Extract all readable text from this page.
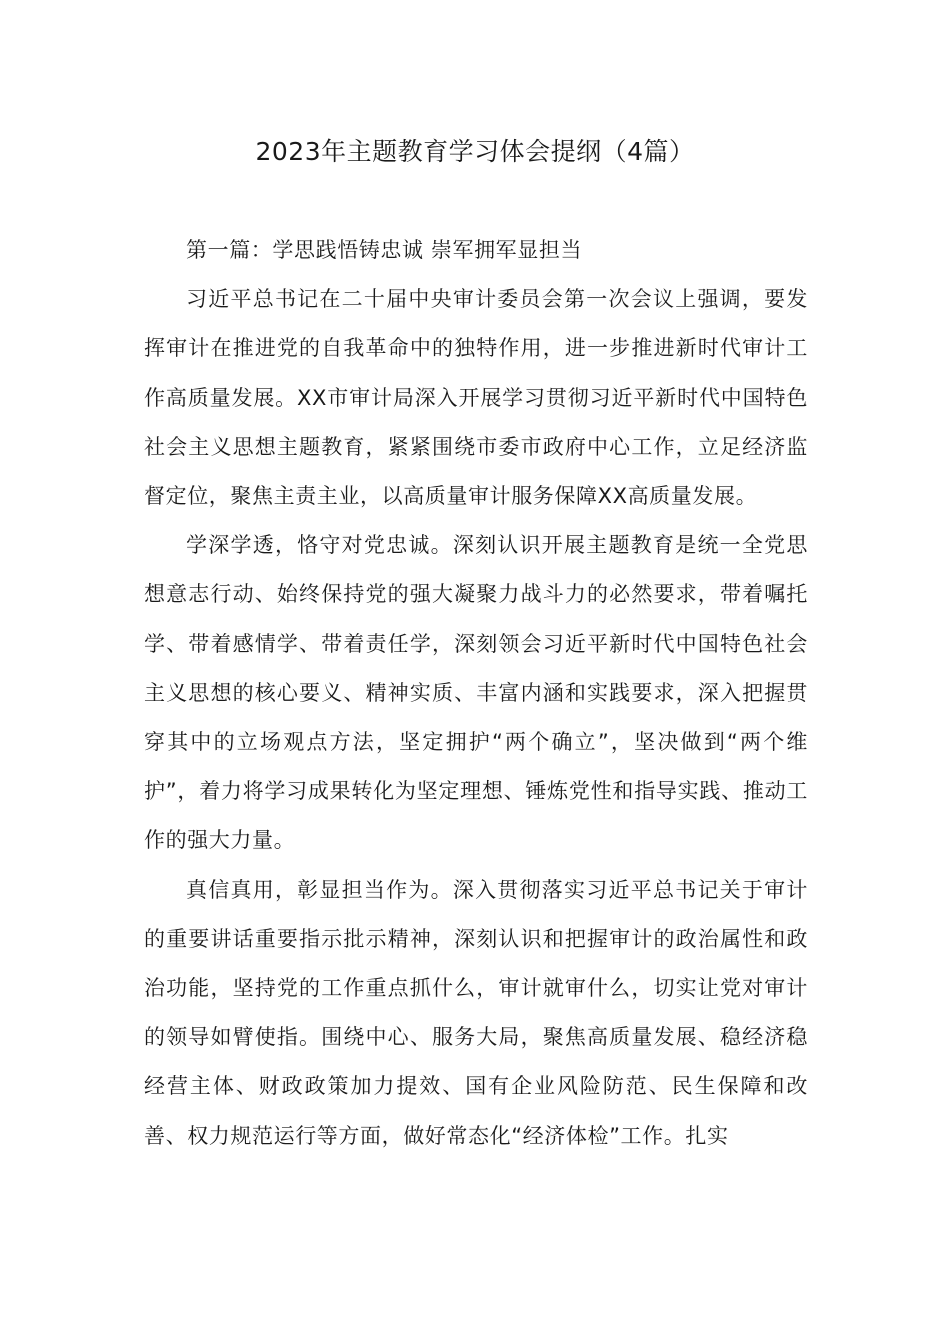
2023年主题教育学习体会提纲（4篇）

第一篇：学思践悟铸忠诚 崇军拥军显担当

习近平总书记在二十届中央审计委员会第一次会议上强调，要发挥审计在推进党的自我革命中的独特作用，进一步推进新时代审计工作高质量发展。XX市审计局深入开展学习贯彻习近平新时代中国特色社会主义思想主题教育，紧紧围绕市委市政府中心工作，立足经济监督定位，聚焦主责主业，以高质量审计服务保障XX高质量发展。

学深学透，恪守对党忠诚。深刻认识开展主题教育是统一全党思想意志行动、始终保持党的强大凝聚力战斗力的必然要求，带着嘱托学、带着感情学、带着责任学，深刻领会习近平新时代中国特色社会主义思想的核心要义、精神实质、丰富内涵和实践要求，深入把握贯穿其中的立场观点方法，坚定拥护“两个确立”，坚决做到“两个维护”，着力将学习成果转化为坚定理想、锤炼党性和指导实践、推动工作的强大力量。

真信真用，彰显担当作为。深入贯彻落实习近平总书记关于审计的重要讲话重要指示批示精神，深刻认识和把握审计的政治属性和政治功能，坚持党的工作重点抓什么，审计就审什么，切实让党对审计的领导如臂使指。围绕中心、服务大局，聚焦高质量发展、稳经济稳经营主体、财政政策加力提效、国有企业风险防范、民生保障和改善、权力规范运行等方面，做好常态化“经济体检”工作。扎实
